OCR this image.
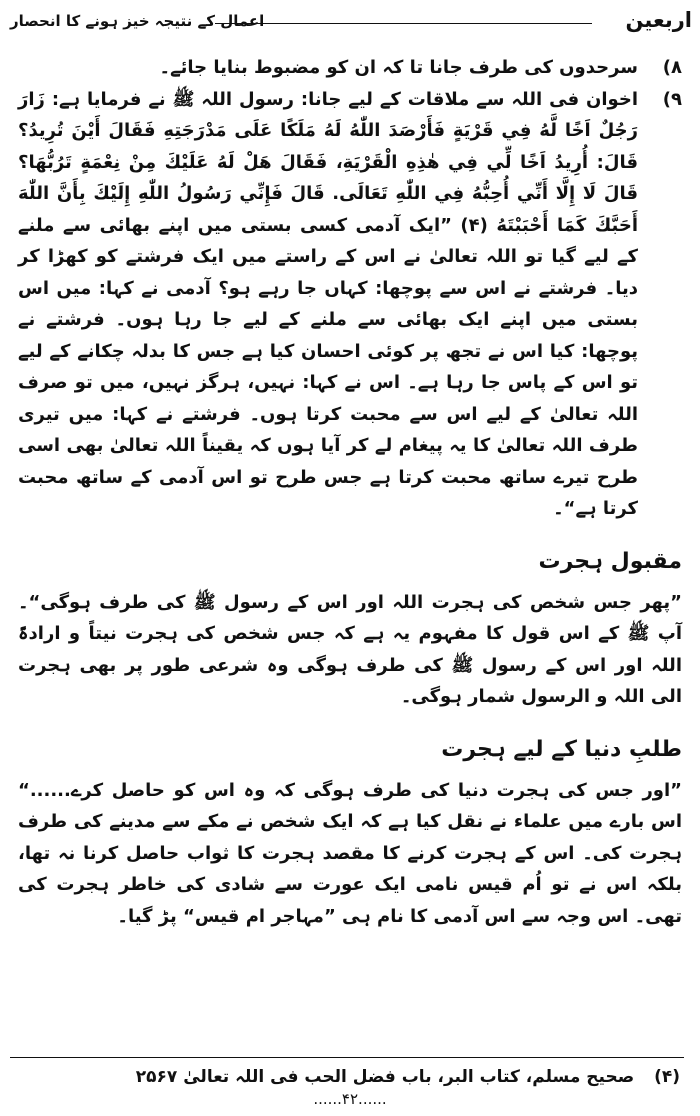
اربعین
اعمال کے نتیجہ خیز ہونے کا انحصار
(۸
سرحدوں کی طرف جانا تا کہ ان کو مضبوط بنایا جائے۔
(۹
اخوان فی اللہ سے ملاقات کے لیے جانا: رسول اللہ ﷺ نے فرمایا ہے: زَارَ رَجُلٌ اَخًا لَّهُ فِي قَرْيَةٍ فَأَرْصَدَ اللّٰهُ لَهُ مَلَكًا عَلَى مَدْرَجَتِهِ فَقَالَ أَيْنَ تُرِيدُ؟ قَالَ: أُرِيدُ اَخًا لِّي فِي هٰذِهِ الْقَرْيَةِ، فَقَالَ هَلْ لَهُ عَلَيْكَ مِنْ نِعْمَةٍ تَرُبُّهَا؟ قَالَ لَا إِلَّا أَنِّي أُحِبُّهُ فِي اللّٰهِ تَعَالَى. قَالَ فَإِنِّي رَسُولُ اللّٰهِ إِلَيْكَ بِأَنَّ اللّٰهَ أَحَبَّكَ كَمَا أَحْبَبْتَهُ (۴) ”ایک آدمی کسی بستی میں اپنے بھائی سے ملنے کے لیے گیا تو اللہ تعالیٰ نے اس کے راستے میں ایک فرشتے کو کھڑا کر دیا۔ فرشتے نے اس سے پوچھا: کہاں جا رہے ہو؟ آدمی نے کہا: میں اس بستی میں اپنے ایک بھائی سے ملنے کے لیے جا رہا ہوں۔ فرشتے نے پوچھا: کیا اس نے تجھ پر کوئی احسان کیا ہے جس کا بدلہ چکانے کے لیے تو اس کے پاس جا رہا ہے۔ اس نے کہا: نہیں، ہرگز نہیں، میں تو صرف اللہ تعالیٰ کے لیے اس سے محبت کرتا ہوں۔ فرشتے نے کہا: میں تیری طرف اللہ تعالیٰ کا یہ پیغام لے کر آیا ہوں کہ یقیناً اللہ تعالیٰ بھی اسی طرح تیرے ساتھ محبت کرتا ہے جس طرح تو اس آدمی کے ساتھ محبت کرتا ہے“۔
مقبول ہجرت

”پھر جس شخص کی ہجرت اللہ اور اس کے رسول ﷺ کی طرف ہوگی“۔ آپ ﷺ کے اس قول کا مفہوم یہ ہے کہ جس شخص کی ہجرت نیتاً و ارادۃً اللہ اور اس کے رسول ﷺ کی طرف ہوگی وہ شرعی طور پر بھی ہجرت الی اللہ و الرسول شمار ہوگی۔

طلبِ دنیا کے لیے ہجرت

”اور جس کی ہجرت دنیا کی طرف ہوگی کہ وہ اس کو حاصل کرے......“ اس بارے میں علماء نے نقل کیا ہے کہ ایک شخص نے مکے سے مدینے کی طرف ہجرت کی۔ اس کے ہجرت کرنے کا مقصد ہجرت کا ثواب حاصل کرنا نہ تھا، بلکہ اس نے تو اُم قیس نامی ایک عورت سے شادی کی خاطر ہجرت کی تھی۔ اس وجہ سے اس آدمی کا نام ہی ”مہاجر ام قیس“ پڑ گیا۔

(۴) صحیح مسلم، کتاب البر، باب فضل الحب فی اللہ تعالیٰ ۲۵۶۷
......۴۲......
